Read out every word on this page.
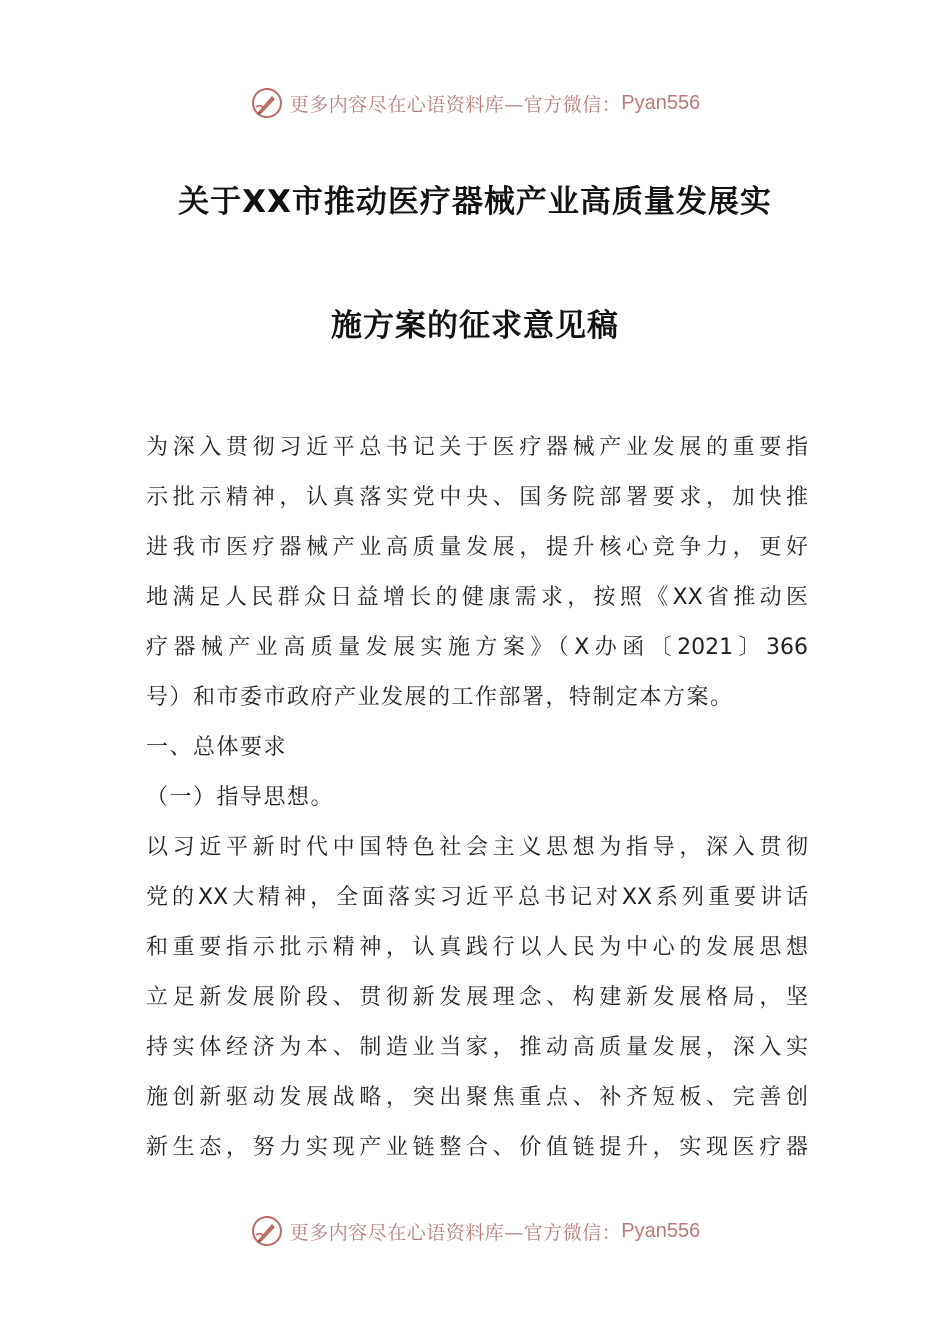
更多内容尽在心语资料库—官方微信： Pyan556
关于XX市推动医疗器械产业高质量发展实
施方案的征求意见稿
为深入贯彻习近平总书记关于医疗器械产业发展的重要指
示批示精神，认真落实党中央、国务院部署要求，加快推
进我市医疗器械产业高质量发展，提升核心竞争力，更好
地满足人民群众日益增长的健康需求，按照《XX省推动医
疗器械产业高质量发展实施方案》（X办函〔2021〕366
号）和市委市政府产业发展的工作部署，特制定本方案。
一、总体要求
（一）指导思想。
以习近平新时代中国特色社会主义思想为指导，深入贯彻
党的XX大精神，全面落实习近平总书记对XX系列重要讲话
和重要指示批示精神，认真践行以人民为中心的发展思想
立足新发展阶段、贯彻新发展理念、构建新发展格局，坚
持实体经济为本、制造业当家，推动高质量发展，深入实
施创新驱动发展战略，突出聚焦重点、补齐短板、完善创
新生态，努力实现产业链整合、价值链提升，实现医疗器
更多内容尽在心语资料库—官方微信： Pyan556
